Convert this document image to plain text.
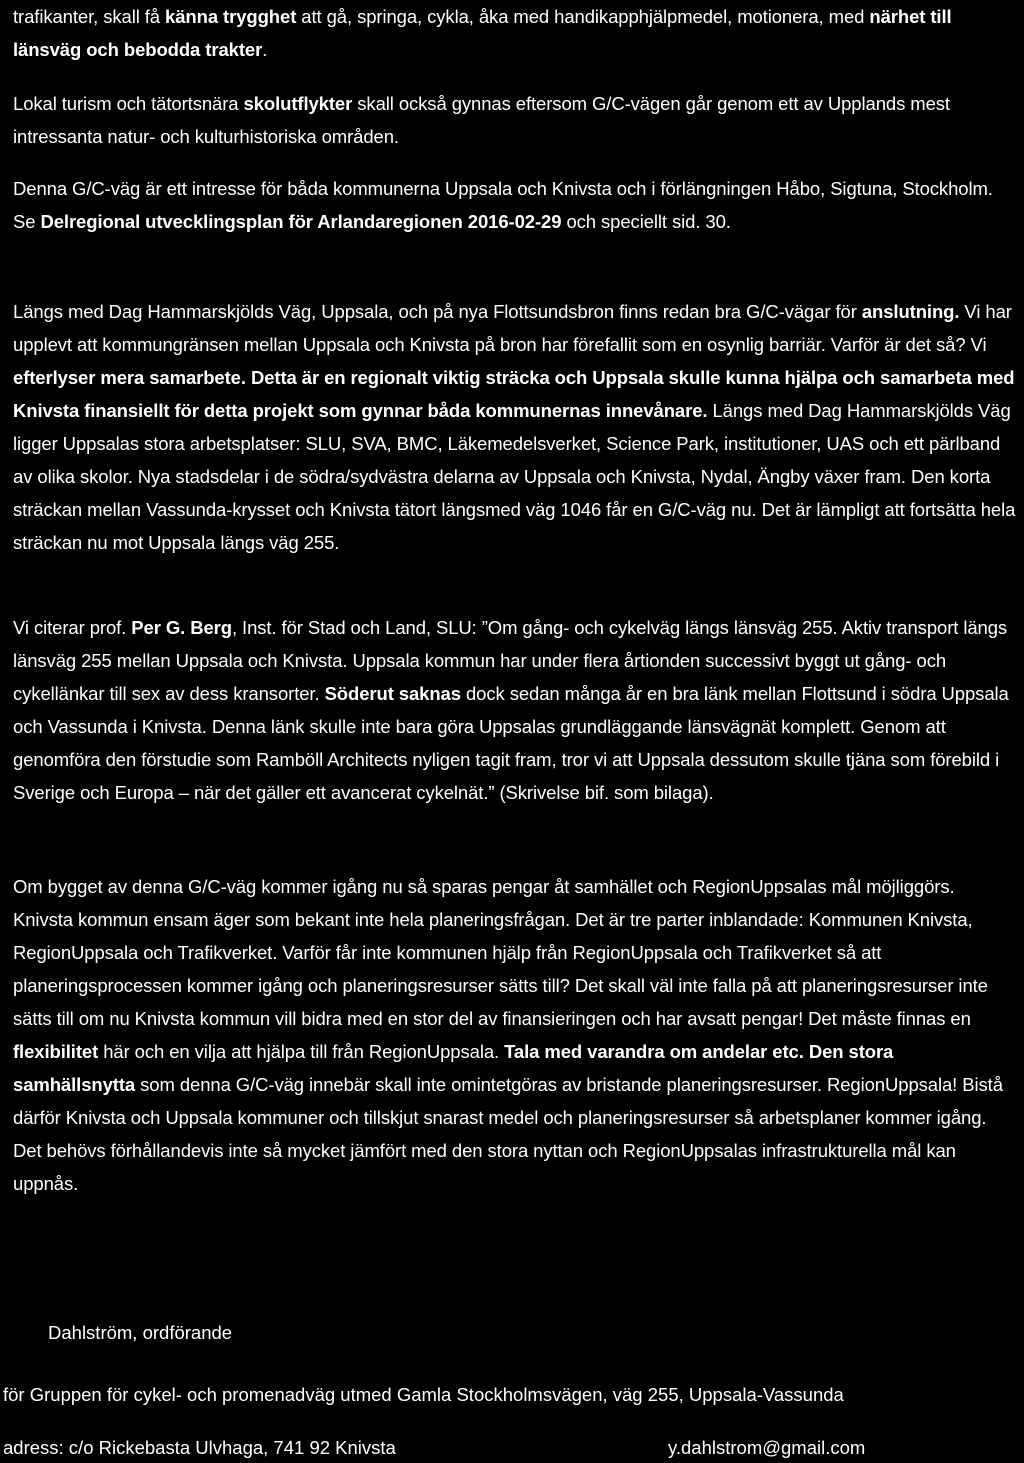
trafikanter, skall få känna trygghet att gå, springa, cykla, åka med handikapphjälpmedel, motionera, med närhet till länsväg och bebodda trakter.

Lokal turism och tätortsnära skolutflykter skall också gynnas eftersom G/C-vägen går genom ett av Upplands mest intressanta natur- och kulturhistoriska områden.

Denna G/C-väg är ett intresse för båda kommunerna Uppsala och Knivsta och i förlängningen Håbo, Sigtuna, Stockholm. Se Delregional utvecklingsplan för Arlandaregionen 2016-02-29 och speciellt sid. 30.

Längs med Dag Hammarskjölds Väg, Uppsala, och på nya Flottsundsbron finns redan bra G/C-vägar för anslutning. Vi har upplevt att kommungränsen mellan Uppsala och Knivsta på bron har förefallit som en osynlig barriär. Varför är det så? Vi efterlyser mera samarbete. Detta är en regionalt viktig sträcka och Uppsala skulle kunna hjälpa och samarbeta med Knivsta finansiellt för detta projekt som gynnar båda kommunernas innevånare. Längs med Dag Hammarskjölds Väg ligger Uppsalas stora arbetsplatser: SLU, SVA, BMC, Läkemedelsverket, Science Park, institutioner, UAS och ett pärlband av olika skolor. Nya stadsdelar i de södra/sydvästra delarna av Uppsala och Knivsta, Nydal, Ängby växer fram. Den korta sträckan mellan Vassunda-krysset och Knivsta tätort längsmed väg 1046 får en G/C-väg nu. Det är lämpligt att fortsätta hela sträckan nu mot Uppsala längs väg 255.

Vi citerar prof. Per G. Berg, Inst. för Stad och Land, SLU: ”Om gång- och cykelväg längs länsväg 255. Aktiv transport längs länsväg 255 mellan Uppsala och Knivsta. Uppsala kommun har under flera årtionden successivt byggt ut gång- och cykellänkar till sex av dess kransorter. Söderut saknas dock sedan många år en bra länk mellan Flottsund i södra Uppsala och Vassunda i Knivsta. Denna länk skulle inte bara göra Uppsalas grundläggande länsvägnät komplett. Genom att genomföra den förstudie som Ramböll Architects nyligen tagit fram, tror vi att Uppsala dessutom skulle tjäna som förebild i Sverige och Europa – när det gäller ett avancerat cykelnät.” (Skrivelse bif. som bilaga).

Om bygget av denna G/C-väg kommer igång nu så sparas pengar åt samhället och RegionUppsalas mål möjliggörs. Knivsta kommun ensam äger som bekant inte hela planeringsfrågan. Det är tre parter inblandade: Kommunen Knivsta, RegionUppsala och Trafikverket. Varför får inte kommunen hjälp från RegionUppsala och Trafikverket så att planeringsprocessen kommer igång och planeringsresurser sätts till? Det skall väl inte falla på att planeringsresurser inte sätts till om nu Knivsta kommun vill bidra med en stor del av finansieringen och har avsatt pengar! Det måste finnas en flexibilitet här och en vilja att hjälpa till från RegionUppsala. Tala med varandra om andelar etc. Den stora samhällsnytta som denna G/C-väg innebär skall inte omintetgöras av bristande planeringsresurser. RegionUppsala! Bistå därför Knivsta och Uppsala kommuner och tillskjut snarast medel och planeringsresurser så arbetsplaner kommer igång. Det behövs förhållandevis inte så mycket jämfört med den stora nyttan och RegionUppsalas infrastrukturella mål kan uppnås.

Dahlström, ordförande

för Gruppen för cykel- och promenadväg utmed Gamla Stockholmsvägen, väg 255, Uppsala-Vassunda

adress: c/o Rickebasta Ulvhaga, 741 92 Knivsta	y.dahlstrom@gmail.com
